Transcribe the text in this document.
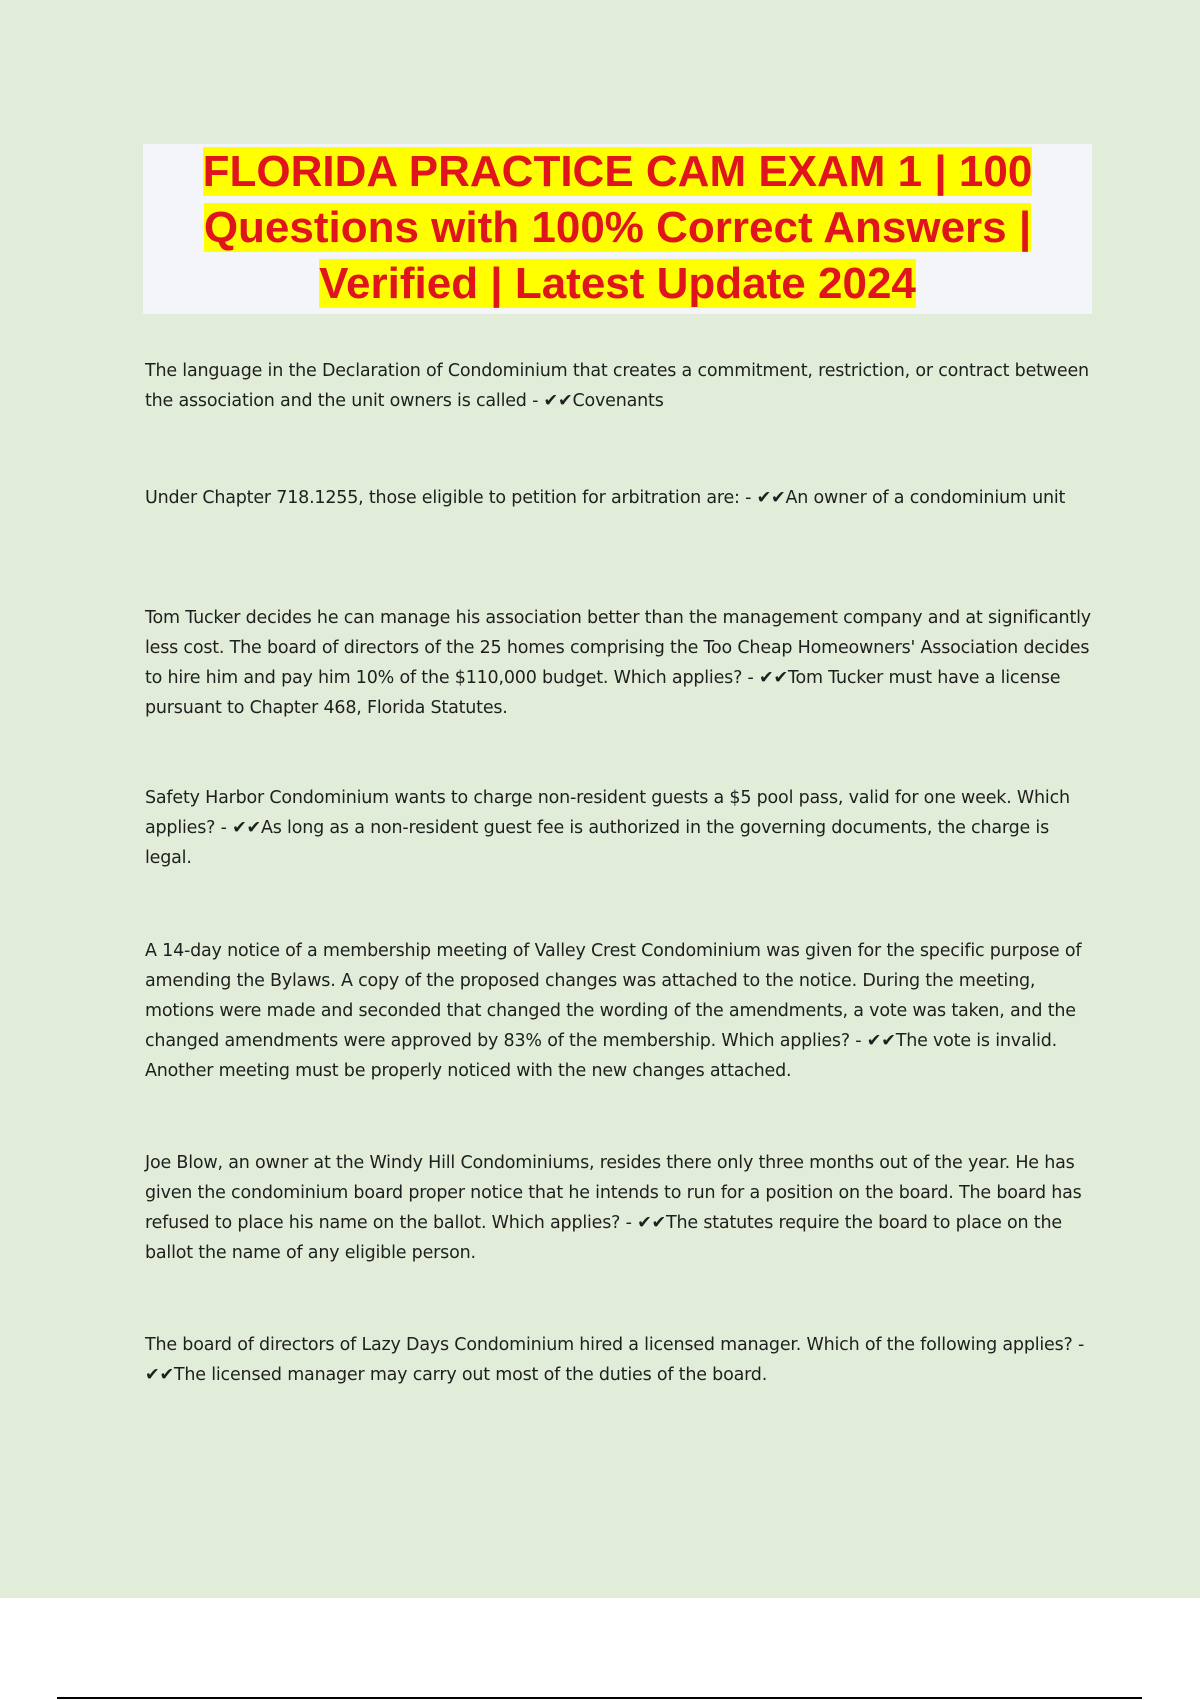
FLORIDA PRACTICE CAM EXAM 1 | 100
Questions with 100% Correct Answers |
Verified | Latest Update 2024

The language in the Declaration of Condominium that creates a commitment, restriction, or contract between the association and the unit owners is called - ✔✔Covenants

Under Chapter 718.1255, those eligible to petition for arbitration are: - ✔✔An owner of a condominium unit

Tom Tucker decides he can manage his association better than the management company and at significantly less cost. The board of directors of the 25 homes comprising the Too Cheap Homeowners' Association decides to hire him and pay him 10% of the $110,000 budget. Which applies? - ✔✔Tom Tucker must have a license pursuant to Chapter 468, Florida Statutes.

Safety Harbor Condominium wants to charge non-resident guests a $5 pool pass, valid for one week. Which applies? - ✔✔As long as a non-resident guest fee is authorized in the governing documents, the charge is legal.

A 14-day notice of a membership meeting of Valley Crest Condominium was given for the specific purpose of amending the Bylaws. A copy of the proposed changes was attached to the notice. During the meeting, motions were made and seconded that changed the wording of the amendments, a vote was taken, and the changed amendments were approved by 83% of the membership. Which applies? - ✔✔The vote is invalid. Another meeting must be properly noticed with the new changes attached.

Joe Blow, an owner at the Windy Hill Condominiums, resides there only three months out of the year. He has given the condominium board proper notice that he intends to run for a position on the board. The board has refused to place his name on the ballot. Which applies? - ✔✔The statutes require the board to place on the ballot the name of any eligible person.

The board of directors of Lazy Days Condominium hired a licensed manager. Which of the following applies? - ✔✔The licensed manager may carry out most of the duties of the board.
